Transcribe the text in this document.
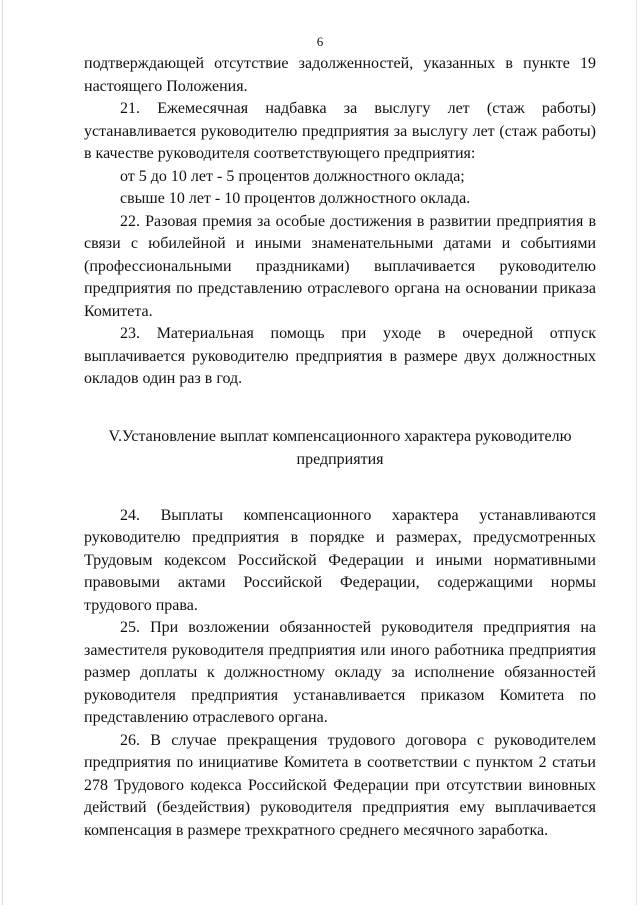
6

подтверждающей отсутствие задолженностей, указанных в пункте 19 настоящего Положения.

21. Ежемесячная надбавка за выслугу лет (стаж работы) устанавливается руководителю предприятия за выслугу лет (стаж работы) в качестве руководителя соответствующего предприятия:

от 5 до 10 лет - 5 процентов должностного оклада;

свыше 10 лет - 10 процентов должностного оклада.

22. Разовая премия за особые достижения в развитии предприятия в связи с юбилейной и иными знаменательными датами и событиями (профессиональными праздниками) выплачивается руководителю предприятия по представлению отраслевого органа на основании приказа Комитета.

23. Материальная помощь при уходе в очередной отпуск выплачивается руководителю предприятия в размере двух должностных окладов один раз в год.

V.Установление выплат компенсационного характера руководителю
предприятия

24. Выплаты компенсационного характера устанавливаются руководителю предприятия в порядке и размерах, предусмотренных Трудовым кодексом Российской Федерации и иными нормативными правовыми актами Российской Федерации, содержащими нормы трудового права.

25. При возложении обязанностей руководителя предприятия на заместителя руководителя предприятия или иного работника предприятия размер доплаты к должностному окладу за исполнение обязанностей руководителя предприятия устанавливается приказом Комитета по представлению отраслевого органа.

26. В случае прекращения трудового договора с руководителем предприятия по инициативе Комитета в соответствии с пунктом 2 статьи 278 Трудового кодекса Российской Федерации при отсутствии виновных действий (бездействия) руководителя предприятия ему выплачивается компенсация в размере трехкратного среднего месячного заработка.
